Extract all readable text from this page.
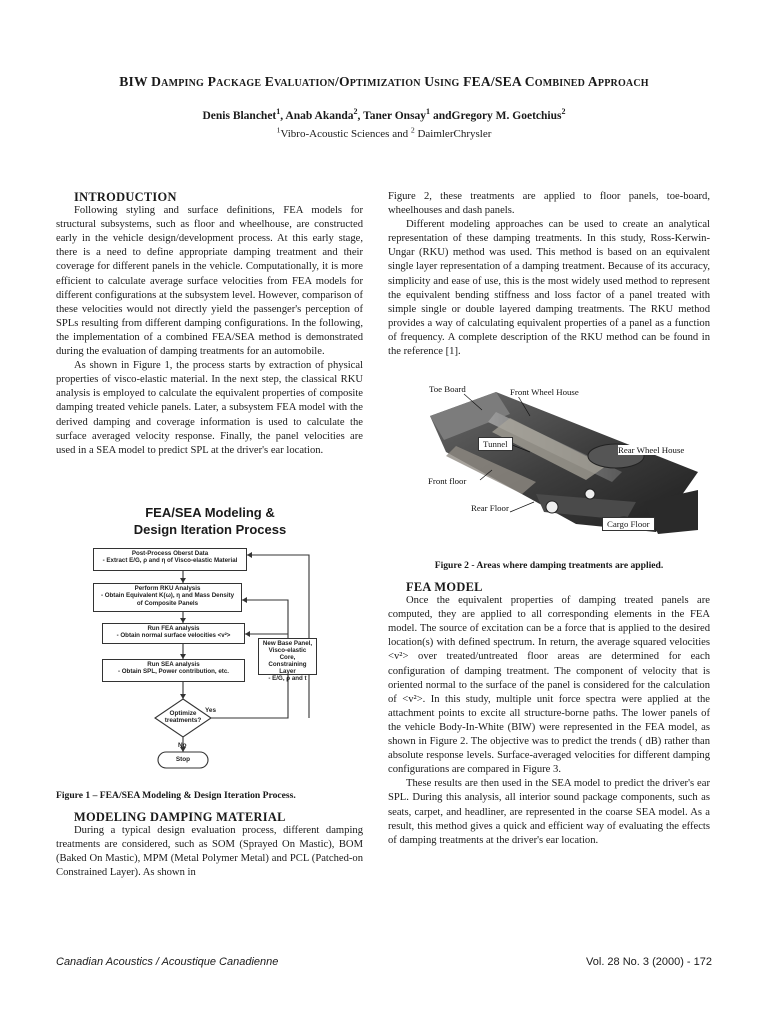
BIW Damping Package Evaluation/Optimization Using FEA/SEA Combined Approach
Denis Blanchet$^1$, Anab Akanda$^2$, Taner Onsay$^1$ andGregory M. Goetchius$^2$
$^1$Vibro-Acoustic Sciences and $^2$ DaimlerChrysler

INTRODUCTION

Following styling and surface definitions, FEA models for structural subsystems, such as floor and wheelhouse, are constructed early in the vehicle design/development process. At this early stage, there is a need to define appropriate damping treatment and their coverage for different panels in the vehicle. Computationally, it is more efficient to calculate average surface velocities from FEA models for different configurations at the subsystem level. However, comparison of these velocities would not directly yield the passenger's perception of SPLs resulting from different damping configurations. In the following, the implementation of a combined FEA/SEA method is demonstrated during the evaluation of damping treatments for an automobile.

As shown in Figure 1, the process starts by extraction of physical properties of visco-elastic material. In the next step, the classical RKU analysis is employed to calculate the equivalent properties of composite damping treated vehicle panels. Later, a subsystem FEA model with the derived damping and coverage information is used to calculate the surface averaged velocity response. Finally, the panel velocities are used in a SEA model to predict SPL at the driver's ear location.

FEA/SEA Modeling &
Design Iteration Process
Post-Process Oberst Data
- Extract E/G, ρ and η of Visco-elastic Material
Perform RKU Analysis
- Obtain Equivalent K(ω), η and Mass Density
of Composite Panels
Run FEA analysis
- Obtain normal surface velocities <v²>
Run SEA analysis
- Obtain SPL, Power contribution, etc.
New Base Panel,
Visco-elastic Core,
Constraining Layer
- E/G, ρ and t
Optimize
treatments?
Yes
No
Stop
Figure 1 – FEA/SEA Modeling & Design Iteration Process.

MODELING DAMPING MATERIAL

During a typical design evaluation process, different damping treatments are considered, such as SOM (Sprayed On Mastic), BOM (Baked On Mastic), MPM (Metal Polymer Metal) and PCL (Patched-on Constrained Layer). As shown in

Figure 2, these treatments are applied to floor panels, toe-board, wheelhouses and dash panels.

Different modeling approaches can be used to create an analytical representation of these damping treatments. In this study, Ross-Kerwin-Ungar (RKU) method was used. This method is based on an equivalent single layer representation of a damping treatment. Because of its accuracy, simplicity and ease of use, this is the most widely used method to represent the equivalent bending stiffness and loss factor of a panel treated with simple single or double layered damping treatments. The RKU method provides a way of calculating equivalent properties of a panel as a function of frequency. A complete description of the RKU method can be found in the reference [1].

Toe Board	Front Wheel House
Tunnel
Rear Wheel House
Front floor
Rear Floor
Cargo Floor
Figure 2 - Areas where damping treatments are applied.

FEA MODEL

Once the equivalent properties of damping treated panels are computed, they are applied to all corresponding elements in the FEA model. The source of excitation can be a force that is applied to the desired location(s) with defined spectrum. In return, the average squared velocities <v²> over treated/untreated floor areas are determined for each configuration of damping treatment. The component of velocity that is oriented normal to the surface of the panel is considered for the calculation of <v²>. In this study, multiple unit force spectra were applied at the attachment points to excite all structure-borne paths. The lower panels of the vehicle Body-In-White (BIW) were represented in the FEA model, as shown in Figure 2. The objective was to predict the trends ( dB) rather than absolute response levels. Surface-averaged velocities for different damping configurations are compared in Figure 3.

These results are then used in the SEA model to predict the driver's ear SPL. During this analysis, all interior sound package components, such as seats, carpet, and headliner, are represented in the coarse SEA model. As a result, this method gives a quick and efficient way of evaluating the effects of damping treatments at the driver's ear location.

Canadian Acoustics / Acoustique Canadienne	Vol. 28 No. 3 (2000) - 172
